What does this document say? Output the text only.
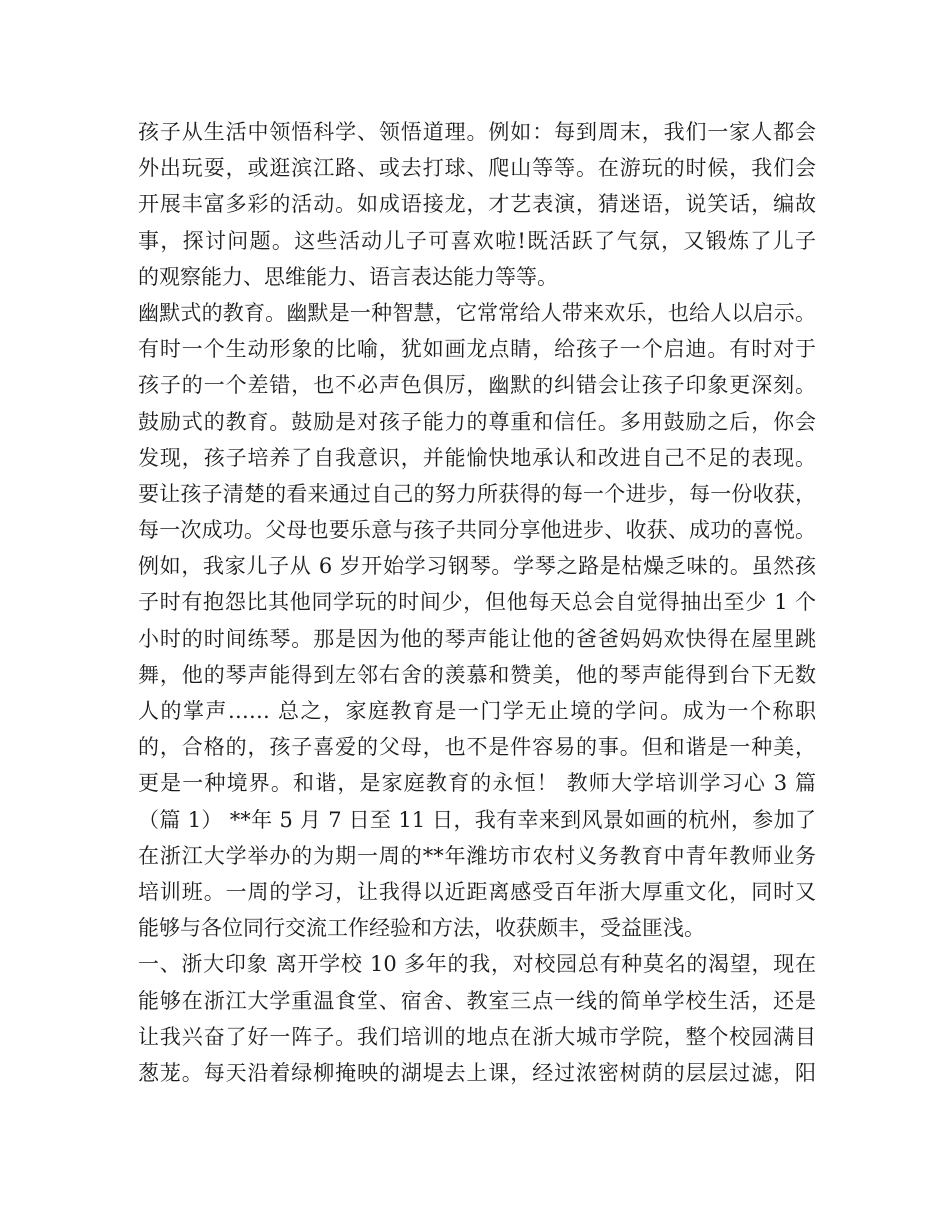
孩子从生活中领悟科学、领悟道理。例如：每到周末，我们一家人都会
外出玩耍，或逛滨江路、或去打球、爬山等等。在游玩的时候，我们会
开展丰富多彩的活动。如成语接龙，才艺表演，猜迷语，说笑话，编故
事，探讨问题。这些活动儿子可喜欢啦!既活跃了气氛，又锻炼了儿子
的观察能力、思维能力、语言表达能力等等。
幽默式的教育。幽默是一种智慧，它常常给人带来欢乐，也给人以启示。
有时一个生动形象的比喻，犹如画龙点睛，给孩子一个启迪。有时对于
孩子的一个差错，也不必声色俱厉，幽默的纠错会让孩子印象更深刻。
鼓励式的教育。鼓励是对孩子能力的尊重和信任。多用鼓励之后，你会
发现，孩子培养了自我意识，并能愉快地承认和改进自己不足的表现。
要让孩子清楚的看来通过自己的努力所获得的每一个进步，每一份收获，
每一次成功。父母也要乐意与孩子共同分享他进步、收获、成功的喜悦。
例如，我家儿子从 6 岁开始学习钢琴。学琴之路是枯燥乏味的。虽然孩
子时有抱怨比其他同学玩的时间少，但他每天总会自觉得抽出至少 1 个
小时的时间练琴。那是因为他的琴声能让他的爸爸妈妈欢快得在屋里跳
舞，他的琴声能得到左邻右舍的羡慕和赞美，他的琴声能得到台下无数
人的掌声…… 总之，家庭教育是一门学无止境的学问。成为一个称职
的，合格的，孩子喜爱的父母，也不是件容易的事。但和谐是一种美，
更是一种境界。和谐，是家庭教育的永恒！ 教师大学培训学习心 3 篇
（篇 1） **年 5 月 7 日至 11 日，我有幸来到风景如画的杭州，参加了
在浙江大学举办的为期一周的**年潍坊市农村义务教育中青年教师业务
培训班。一周的学习，让我得以近距离感受百年浙大厚重文化，同时又
能够与各位同行交流工作经验和方法，收获颇丰，受益匪浅。
一、浙大印象 离开学校 10 多年的我，对校园总有种莫名的渴望，现在
能够在浙江大学重温食堂、宿舍、教室三点一线的简单学校生活，还是
让我兴奋了好一阵子。我们培训的地点在浙大城市学院，整个校园满目
葱茏。每天沿着绿柳掩映的湖堤去上课，经过浓密树荫的层层过滤，阳
